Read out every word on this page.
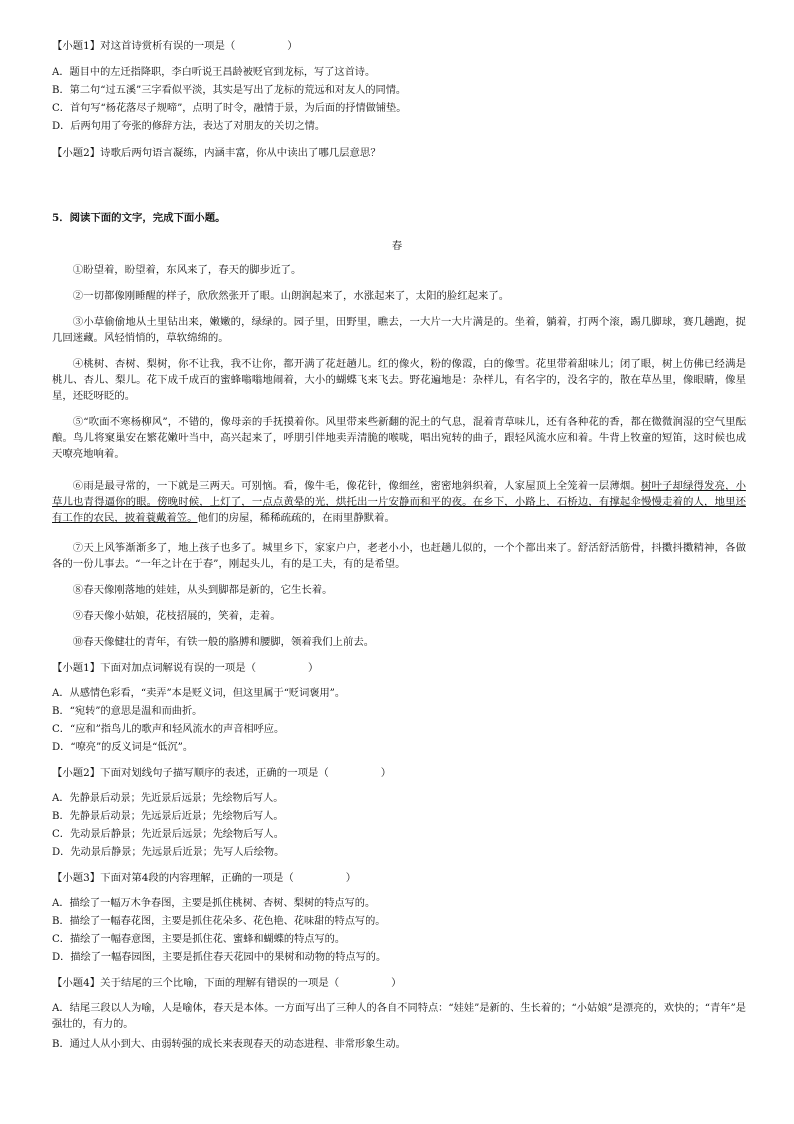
【小题1】对这首诗赏析有误的一项是（　　　　　）
A．题目中的左迁指降职，李白听说王昌龄被贬官到龙标，写了这首诗。
B．第二句“过五溪”三字看似平淡，其实是写出了龙标的荒远和对友人的同情。
C．首句写“杨花落尽子规啼”，点明了时令，融情于景，为后面的抒情做铺垫。
D．后两句用了夸张的修辞方法，表达了对朋友的关切之情。
【小题2】诗歌后两句语言凝练，内涵丰富，你从中读出了哪几层意思？
5．阅读下面的文字，完成下面小题。
春
①盼望着，盼望着，东风来了，春天的脚步近了。
②一切都像刚睡醒的样子，欣欣然张开了眼。山朗润起来了，水涨起来了，太阳的脸红起来了。
③小草偷偷地从土里钻出来，嫩嫩的，绿绿的。园子里，田野里，瞧去，一大片一大片满是的。坐着，躺着，打两个滚，踢几脚球，赛几趟跑，捉几回迷藏。风轻悄悄的，草软绵绵的。
④桃树、杏树、梨树，你不让我，我不让你，都开满了花赶趟儿。红的像火，粉的像霞，白的像雪。花里带着甜味儿；闭了眼，树上仿佛已经满是桃儿、杏儿、梨儿。花下成千成百的蜜蜂嗡嗡地闹着，大小的蝴蝶飞来飞去。野花遍地是：杂样儿，有名字的，没名字的，散在草丛里，像眼睛，像星星，还眨呀眨的。
⑤“吹面不寒杨柳风”，不错的，像母亲的手抚摸着你。风里带来些新翻的泥土的气息，混着青草味儿，还有各种花的香，都在微微润湿的空气里酝酿。鸟儿将窠巢安在繁花嫩叶当中，高兴起来了，呼朋引伴地卖弄清脆的喉咙，唱出宛转的曲子，跟轻风流水应和着。牛背上牧童的短笛，这时候也成天嘹亮地响着。
⑥雨是最寻常的，一下就是三两天。可别恼。看，像牛毛，像花针，像细丝，密密地斜织着，人家屋顶上全笼着一层薄烟。树叶子却绿得发亮，小草儿也青得逼你的眼。傍晚时候，上灯了，一点点黄晕的光，烘托出一片安静而和平的夜。在乡下，小路上，石桥边，有撑起伞慢慢走着的人，地里还有工作的农民，披着蓑戴着笠。他们的房屋，稀稀疏疏的，在雨里静默着。
⑦天上风筝渐渐多了，地上孩子也多了。城里乡下，家家户户，老老小小，也赶趟儿似的，一个个都出来了。舒活舒活筋骨，抖擞抖擞精神，各做各的一份儿事去。“一年之计在于春”，刚起头儿，有的是工夫，有的是希望。
⑧春天像刚落地的娃娃，从头到脚都是新的，它生长着。
⑨春天像小姑娘，花枝招展的，笑着，走着。
⑩春天像健壮的青年，有铁一般的胳膊和腰脚，领着我们上前去。
【小题1】下面对加点词解说有误的一项是（　　　　　）
A．从感情色彩看，“卖弄”本是贬义词，但这里属于“贬词褒用”。
B．“宛转”的意思是温和而曲折。
C．“应和”指鸟儿的歌声和轻风流水的声音相呼应。
D．“嘹亮”的反义词是“低沉”。
【小题2】下面对划线句子描写顺序的表述，正确的一项是（　　　　　）
A．先静景后动景；先近景后远景；先绘物后写人。
B．先静景后动景；先远景后近景；先绘物后写人。
C．先动景后静景；先近景后远景；先绘物后写人。
D．先动景后静景；先远景后近景；先写人后绘物。
【小题3】下面对第4段的内容理解，正确的一项是（　　　　　）
A．描绘了一幅万木争春图，主要是抓住桃树、杏树、梨树的特点写的。
B．描绘了一幅春花图，主要是抓住花朵多、花色艳、花味甜的特点写的。
C．描绘了一幅春意图，主要是抓住花、蜜蜂和蝴蝶的特点写的。
D．描绘了一幅春园图，主要是抓住春天花园中的果树和动物的特点写的。
【小题4】关于结尾的三个比喻，下面的理解有错误的一项是（　　　　　）
A．结尾三段以人为喻，人是喻体，春天是本体。一方面写出了三种人的各自不同特点：“娃娃”是新的、生长着的；“小姑娘”是漂亮的，欢快的；“青年”是强壮的，有力的。
B．通过人从小到大、由弱转强的成长来表现春天的动态进程、非常形象生动。
